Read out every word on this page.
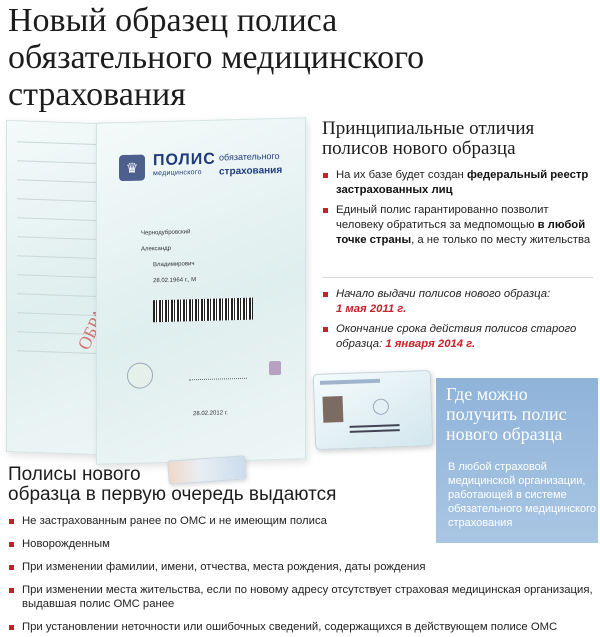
Новый образец полиса
обязательного медицинского
страхования
♛ ПОЛИС
медицинского
обязательного
страхования
Чернодубровский
Александр
Владимирович
28.02.1964 г., М
28.02.2012 г.
Принципиальные отличия
полисов нового образца
На их базе будет создан федеральный реестр застрахованных лиц
Единый полис гарантированно позволит человеку обратиться за медпомощью в любой точке страны, а не только по месту жительства
Начало выдачи полисов нового образца:
1 мая 2011 г.
Окончание срока действия полисов старого образца: 1 января 2014 г.
Где можно получить полис нового образца
В любой страховой медицинской организации, работающей в системе обязательного медицинского страхования
Полисы нового
образца в первую очередь выдаются
Не застрахованным ранее по ОМС и не имеющим полиса
Новорожденным
При изменении фамилии, имени, отчества, места рождения, даты рождения
При изменении места жительства, если по новому адресу отсутствует страховая медицинская организация, выдавшая полис ОМС ранее
При установлении неточности или ошибочных сведений, содержащихся в действующем полисе ОМС
